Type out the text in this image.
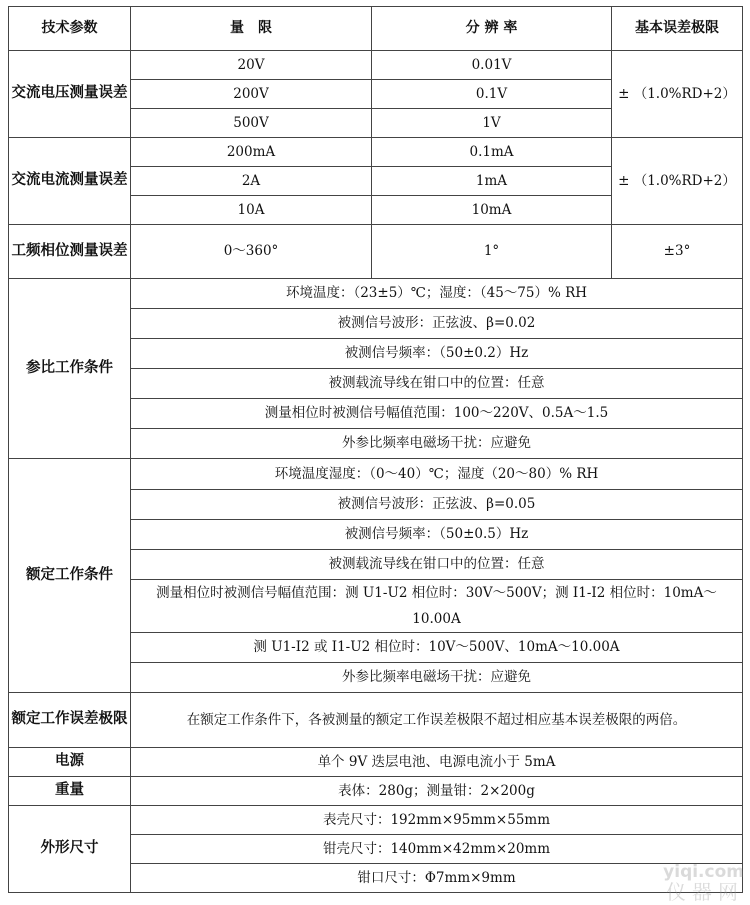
技术参数	量　限	分 辨 率	基本误差极限
交流电压测量误差	20V	0.01V	± （1.0%RD+2）
	200V	0.1V	
	500V	1V	
交流电流测量误差	200mA	0.1mA	± （1.0%RD+2）
	2A	1mA	
	10A	10mA	
工频相位测量误差	0～360°	1°	±3°
参比工作条件	环境温度：（23±5）℃；湿度：（45～75）% RH		
	被测信号波形：正弦波、β=0.02		
	被测信号频率：（50±0.2）Hz		
	被测载流导线在钳口中的位置：任意		
	测量相位时被测信号幅值范围：100～220V、0.5A～1.5		
	外参比频率电磁场干扰：应避免		
额定工作条件	环境温度湿度：（0～40）℃；湿度（20～80）% RH		
	被测信号波形：正弦波、β=0.05		
	被测信号频率：（50±0.5）Hz		
	被测载流导线在钳口中的位置：任意		

	测量相位时被测信号幅值范围：测 U1-U2 相位时：30V～500V；测 I1-I2 相位时：10mA～10.00A		

	测 U1-I2 或 I1-U2 相位时：10V～500V、10mA～10.00A		
	外参比频率电磁场干扰：应避免		
额定工作误差极限	在额定工作条件下，各被测量的额定工作误差极限不超过相应基本误差极限的两倍。		

电源	单个 9V 迭层电池、电源电流小于 5mA		
重量	表体：280g；测量钳：2×200g		
外形尺寸	表壳尺寸：192mm×95mm×55mm		
	钳壳尺寸：140mm×42mm×20mm		
	钳口尺寸：Φ7mm×9mm			yiqi.com
仪器网
